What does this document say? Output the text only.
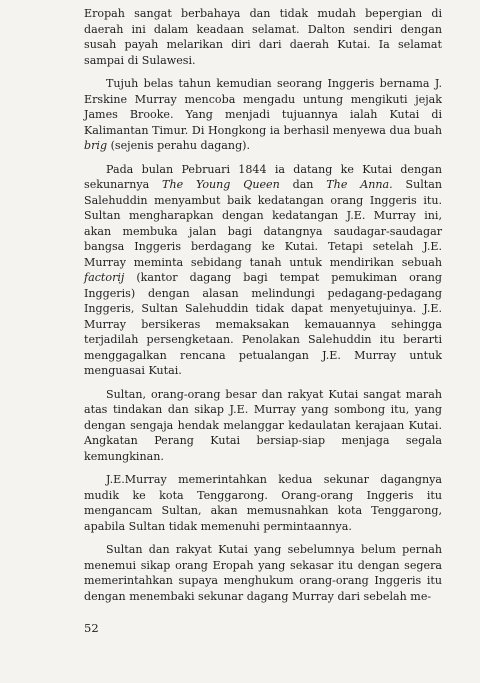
Eropah sangat berbahaya dan tidak mudah bepergian di daerah ini dalam keadaan selamat. Dalton sendiri dengan susah payah melarikan diri dari daerah Kutai. Ia selamat sampai di Sulawesi.

Tujuh belas tahun kemudian seorang Inggeris bernama J. Erskine Murray mencoba mengadu untung mengikuti jejak James Brooke. Yang menjadi tujuannya ialah Kutai di Kalimantan Timur. Di Hongkong ia berhasil menyewa dua buah brig (sejenis perahu dagang).

Pada bulan Pebruari 1844 ia datang ke Kutai dengan sekunarnya The Young Queen dan The Anna. Sultan Salehuddin menyambut baik kedatangan orang Inggeris itu. Sultan mengharapkan dengan kedatangan J.E. Murray ini, akan membuka jalan bagi datangnya saudagar-saudagar bangsa Inggeris berdagang ke Kutai. Tetapi setelah J.E. Murray meminta sebidang tanah untuk mendirikan sebuah factorij (kantor dagang bagi tempat pemukiman orang Inggeris) dengan alasan melindungi pedagang-pedagang Inggeris, Sultan Salehuddin tidak dapat menyetujuinya. J.E. Murray bersikeras memaksakan kemauannya sehingga terjadilah persengketaan. Penolakan Salehuddin itu berarti menggagalkan rencana petualangan J.E. Murray untuk menguasai Kutai.

Sultan, orang-orang besar dan rakyat Kutai sangat marah atas tindakan dan sikap J.E. Murray yang sombong itu, yang dengan sengaja hendak melanggar kedaulatan kerajaan Kutai. Angkatan Perang Kutai bersiap-siap menjaga segala kemungkinan.

J.E.Murray memerintahkan kedua sekunar dagangnya mudik ke kota Tenggarong. Orang-orang Inggeris itu mengancam Sultan, akan memusnahkan kota Tenggarong, apabila Sultan tidak memenuhi permintaannya.

Sultan dan rakyat Kutai yang sebelumnya belum pernah menemui sikap orang Eropah yang sekasar itu dengan segera memerintahkan supaya menghukum orang-orang Inggeris itu dengan menembaki sekunar dagang Murray dari sebelah me-

52
